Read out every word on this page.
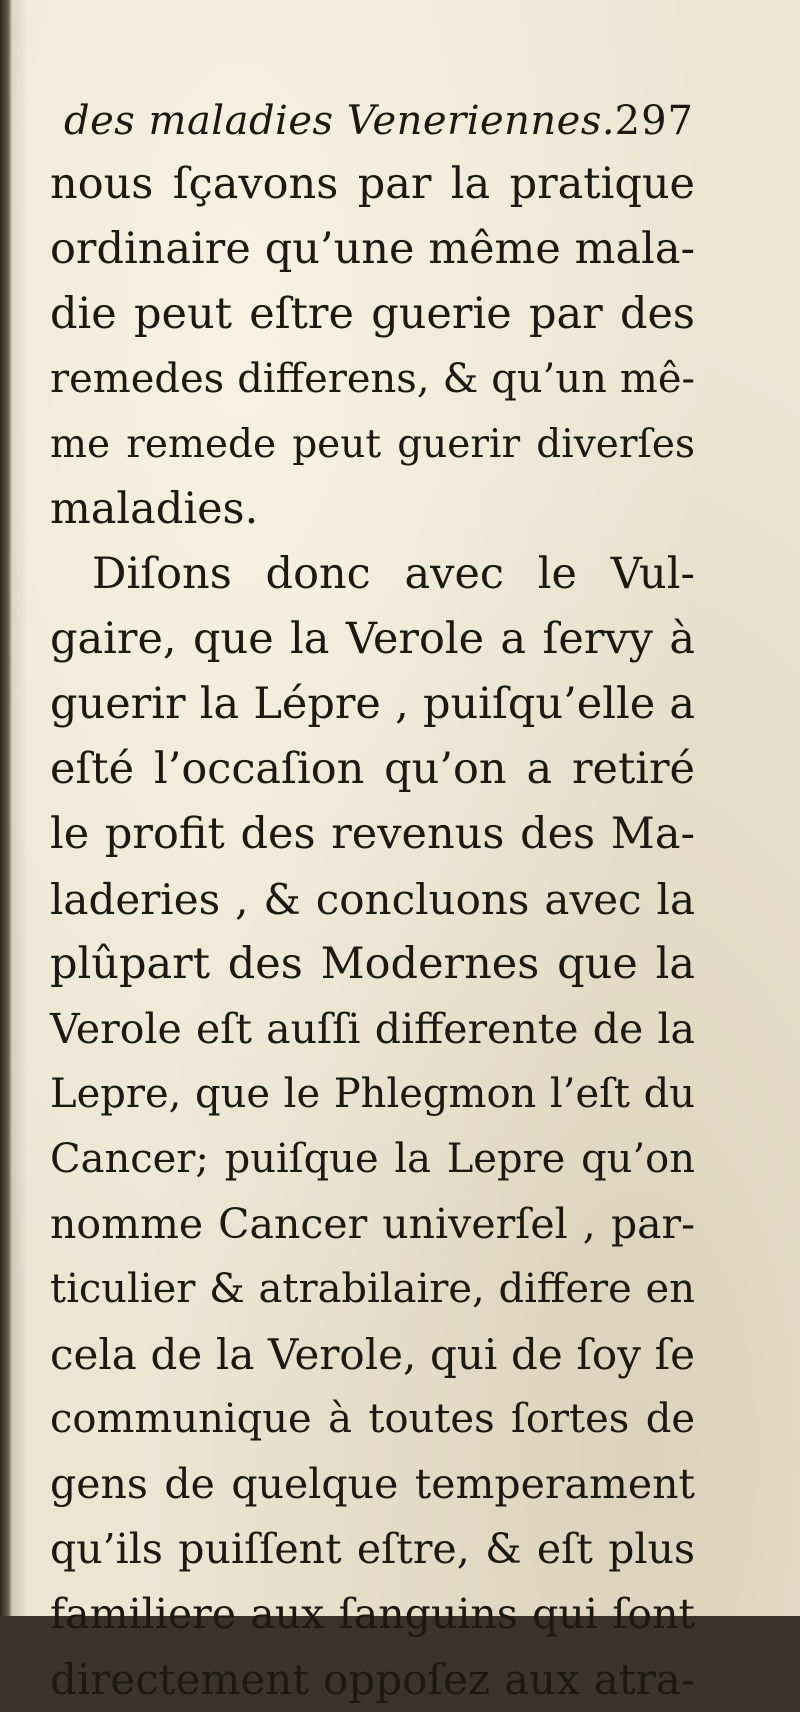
des maladies Veneriennes. 297
nous ſçavons par la pratique
ordinaire qu’une même mala-
die peut eſtre guerie par des
remedes differens, & qu’un mê-
me remede peut guerir diverſes
maladies.
Diſons donc avec le Vul-
gaire, que la Verole a ſervy à
guerir la Lépre , puiſqu’elle a
eſté l’occaſion qu’on a retiré
le profit des revenus des Ma-
laderies , & concluons avec la
plûpart des Modernes que la
Verole eſt auſſi differente de la
Lepre, que le Phlegmon l’eſt du
Cancer; puiſque la Lepre qu’on
nomme Cancer univerſel , par-
ticulier & atrabilaire, differe en
cela de la Verole, qui de ſoy ſe
communique à toutes ſortes de
gens de quelque temperament
qu’ils puiſſent eſtre, & eſt plus
familiere aux ſanguins qui ſont
directement oppoſez aux atra-
